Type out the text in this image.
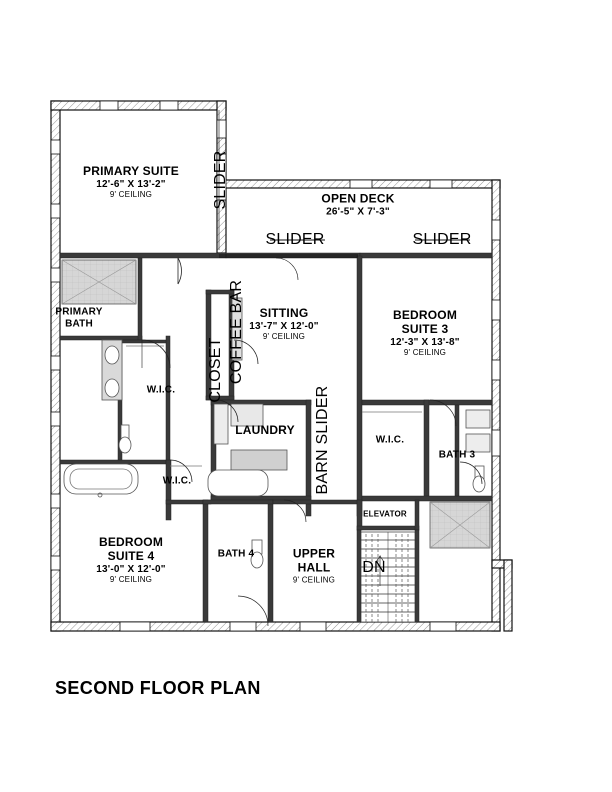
PRIMARY SUITE
12'-6" X 13'-2"
9' CEILING	OPEN DECK
26'-5" X 7'-3"
PRIMARY
BATH
SITTING
13'-7" X 12'-0"
9' CEILING
BEDROOM
SUITE 3
12'-3" X 13'-8"
9' CEILING
W.I.C.
LAUNDRY
W.I.C.
BATH 3
W.I.C.
ELEVATOR
BEDROOM
SUITE 4
13'-0" X 12'-0"
9' CEILING
BATH 4	UPPER
HALL
9' CEILING
SLIDER
SLIDER	SLIDER
COFFEE BAR
CLOSET
BARN SLIDER
DN
SECOND FLOOR PLAN
